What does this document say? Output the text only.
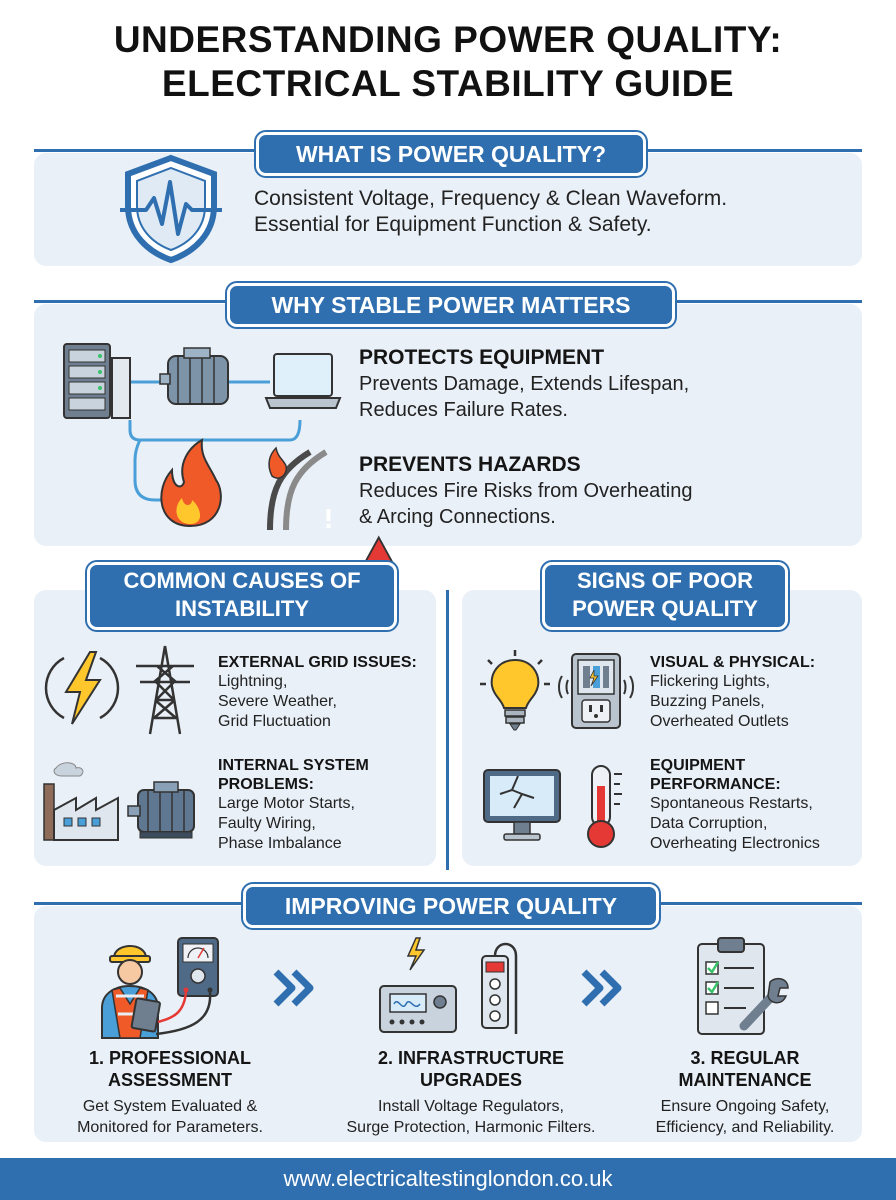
UNDERSTANDING POWER QUALITY:
ELECTRICAL STABILITY GUIDE
WHAT IS POWER QUALITY?
Consistent Voltage, Frequency & Clean Waveform.
Essential for Equipment Function & Safety.
WHY STABLE POWER MATTERS
PROTECTS EQUIPMENT
Prevents Damage, Extends Lifespan,
Reduces Failure Rates.
PREVENTS HAZARDS
Reduces Fire Risks from Overheating
& Arcing Connections.
COMMON CAUSES OF
INSTABILITY
EXTERNAL GRID ISSUES:
Lightning,
Severe Weather,
Grid Fluctuation
INTERNAL SYSTEM
PROBLEMS:
Large Motor Starts,
Faulty Wiring,
Phase Imbalance
SIGNS OF POOR
POWER QUALITY
VISUAL & PHYSICAL:
Flickering Lights,
Buzzing Panels,
Overheated Outlets
EQUIPMENT
PERFORMANCE:
Spontaneous Restarts,
Data Corruption,
Overheating Electronics
IMPROVING POWER QUALITY
1. PROFESSIONAL
ASSESSMENT
Get System Evaluated &
Monitored for Parameters.
2. INFRASTRUCTURE
UPGRADES
Install Voltage Regulators,
Surge Protection, Harmonic Filters.
3. REGULAR
MAINTENANCE
Ensure Ongoing Safety,
Efficiency, and Reliability.
www.electricaltestinglondon.co.uk
